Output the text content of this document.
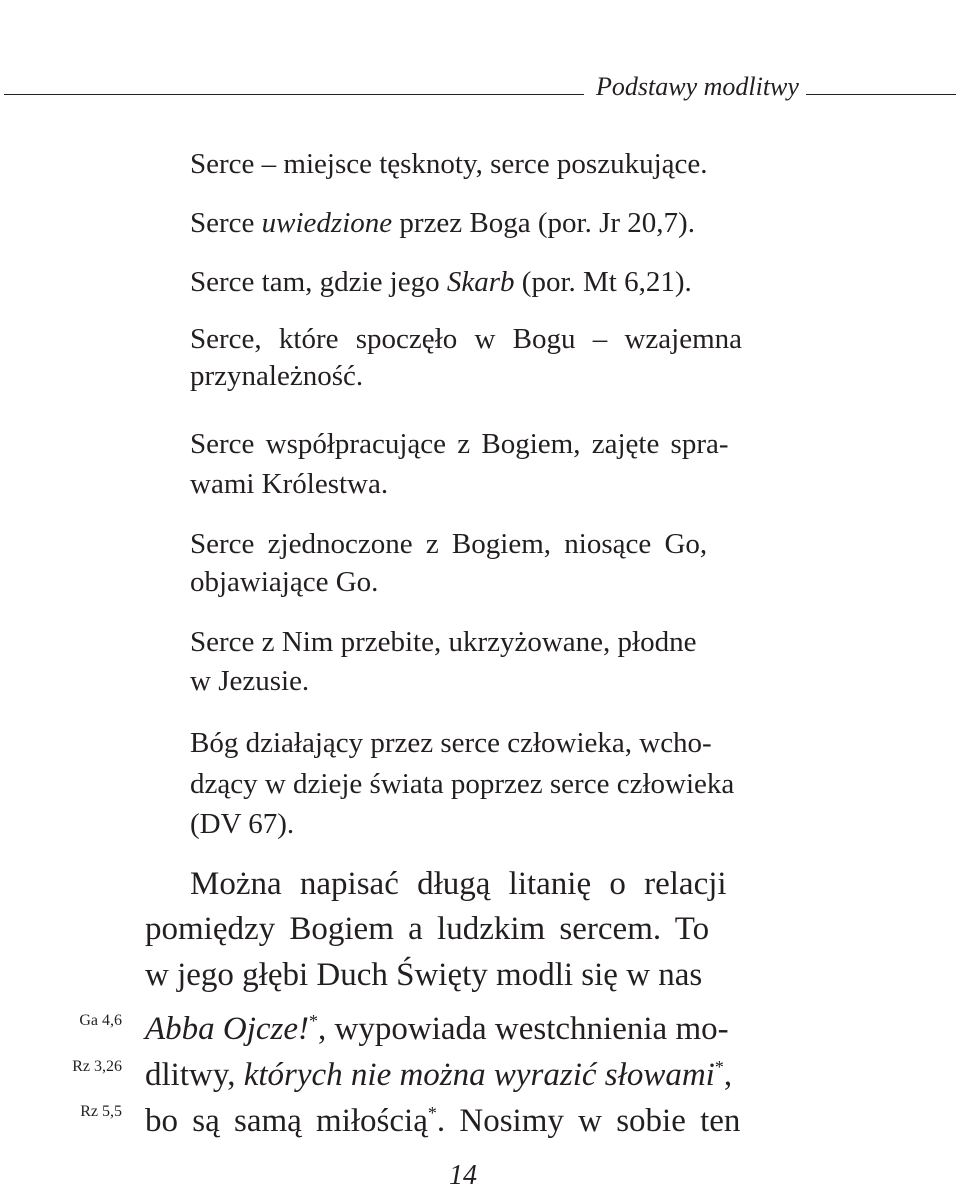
Podstawy modlitwy
Serce – miejsce tęsknoty, serce poszukujące.
Serce uwiedzione przez Boga (por. Jr 20,7).
Serce tam, gdzie jego Skarb (por. Mt 6,21).
Serce, które spoczęło w Bogu – wzajemna
przynależność.
Serce współpracujące z Bogiem, zajęte spra-
wami Królestwa.
Serce zjednoczone z Bogiem, niosące Go,
objawiające Go.
Serce z Nim przebite, ukrzyżowane, płodne
w Jezusie.
Bóg działający przez serce człowieka, wcho-
dzący w dzieje świata poprzez serce człowieka
(DV 67).
Można napisać długą litanię o relacji
pomiędzy Bogiem a ludzkim sercem. To
w jego głębi Duch Święty modli się w nas
Abba Ojcze!*, wypowiada westchnienia mo-
dlitwy, których nie można wyrazić słowami*,
bo są samą miłością*. Nosimy w sobie ten
Ga 4,6
Rz 3,26
Rz 5,5
14
